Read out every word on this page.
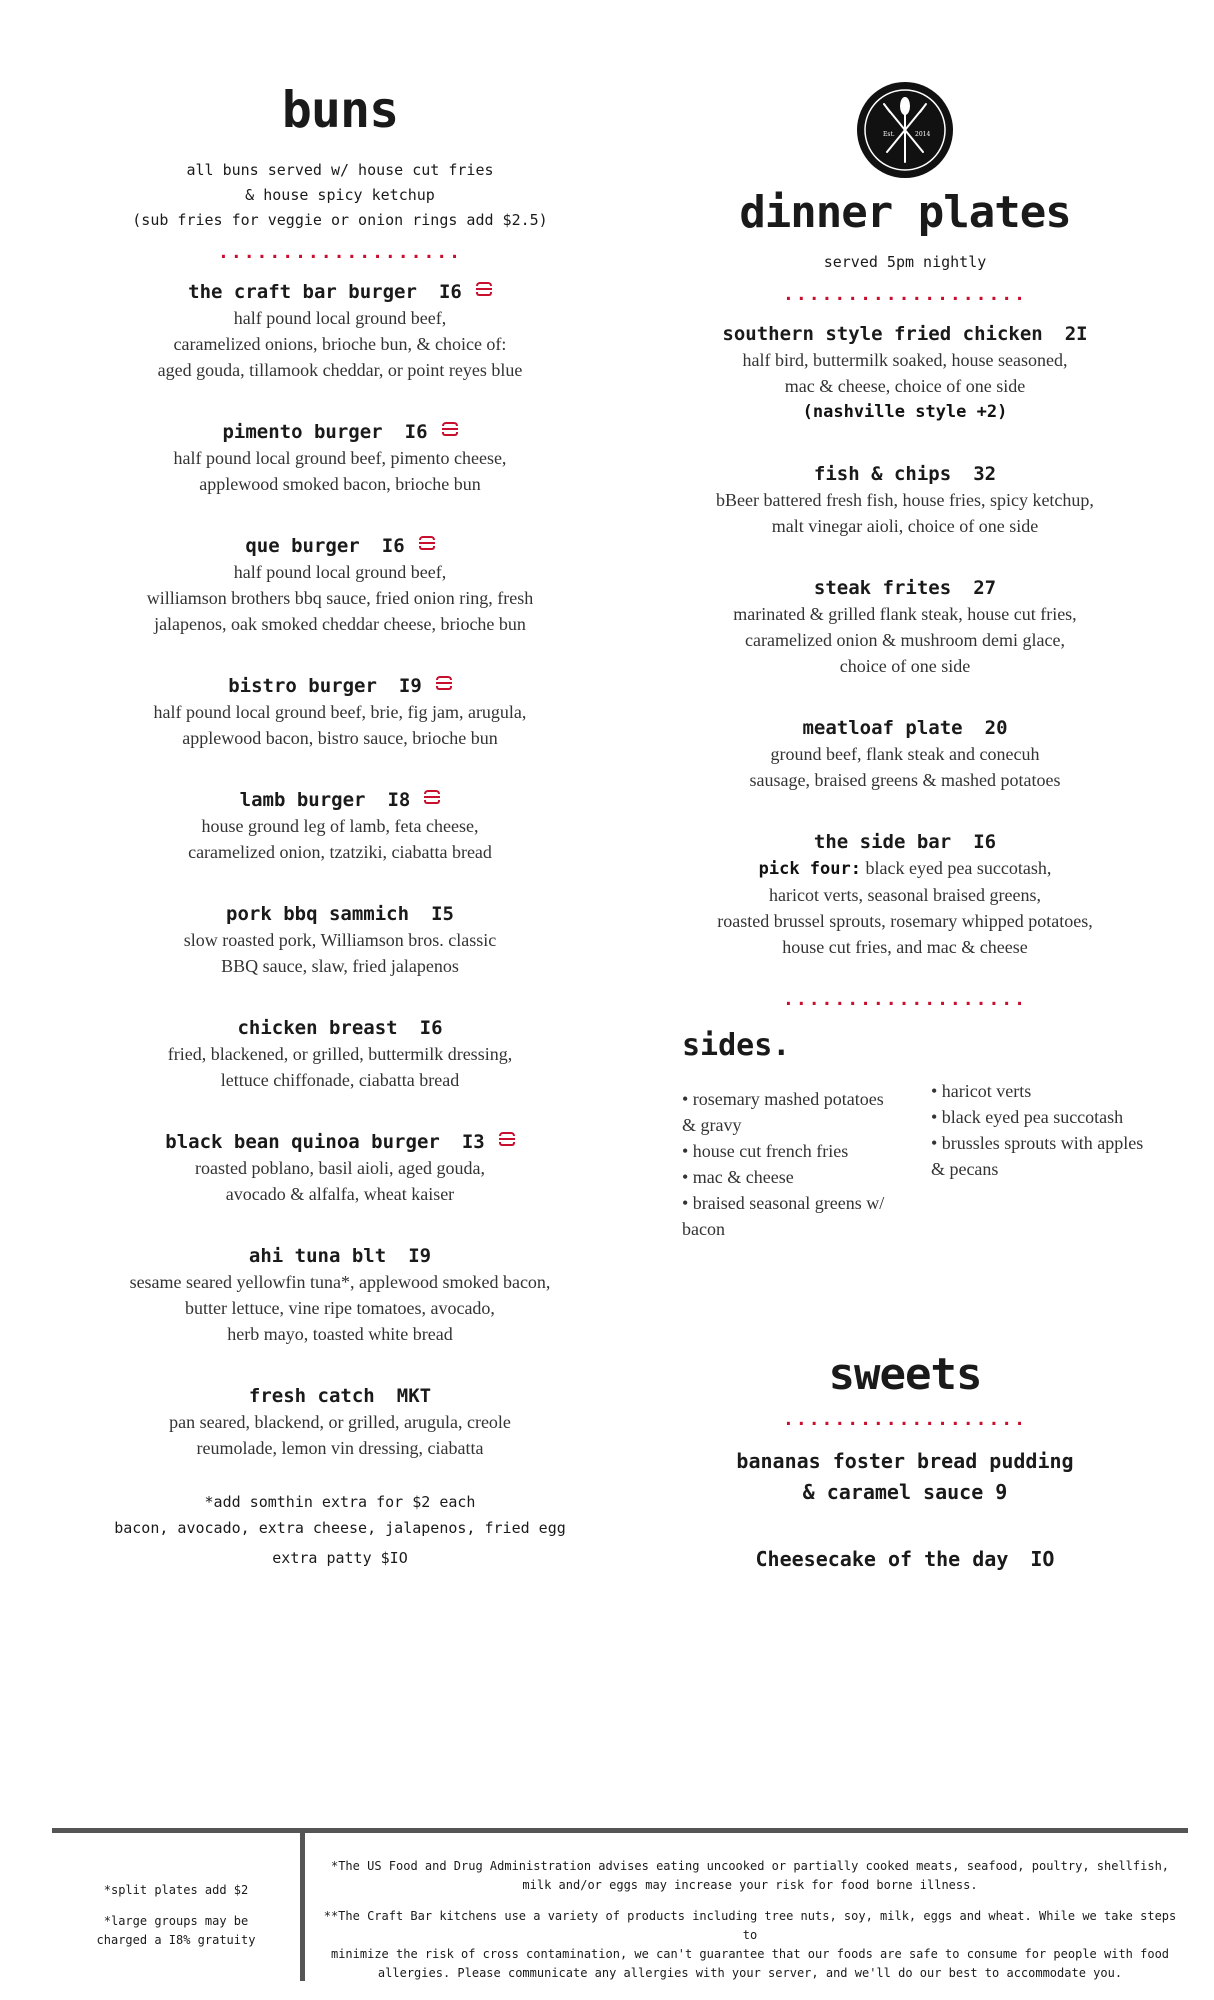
buns
all buns served w/ house cut fries
& house spicy ketchup
(sub fries for veggie or onion rings add $2.5)
...................
the craft bar burger I6
half pound local ground beef,
caramelized onions, brioche bun, & choice of:
aged gouda, tillamook cheddar, or point reyes blue
pimento burger I6
half pound local ground beef, pimento cheese,
applewood smoked bacon, brioche bun
que burger I6
half pound local ground beef,
williamson brothers bbq sauce, fried onion ring, fresh
jalapenos, oak smoked cheddar cheese, brioche bun
bistro burger I9
half pound local ground beef, brie, fig jam, arugula,
applewood bacon, bistro sauce, brioche bun
lamb burger I8
house ground leg of lamb, feta cheese,
caramelized onion, tzatziki, ciabatta bread
pork bbq sammich I5
slow roasted pork, Williamson bros. classic
BBQ sauce, slaw, fried jalapenos
chicken breast I6
fried, blackened, or grilled, buttermilk dressing,
lettuce chiffonade, ciabatta bread
black bean quinoa burger I3
roasted poblano, basil aioli, aged gouda,
avocado & alfalfa, wheat kaiser
ahi tuna blt I9
sesame seared yellowfin tuna*, applewood smoked bacon,
butter lettuce, vine ripe tomatoes, avocado,
herb mayo, toasted white bread
fresh catch MKT
pan seared, blackend, or grilled, arugula, creole
reumolade, lemon vin dressing, ciabatta
*add somthin extra for $2 each
bacon, avocado, extra cheese, jalapenos, fried egg
extra patty $IO
Est.	2014
dinner plates
served 5pm nightly
...................
southern style fried chicken 2I
half bird, buttermilk soaked, house seasoned,
mac & cheese, choice of one side
(nashville style +2)
fish & chips 32
bBeer battered fresh fish, house fries, spicy ketchup,
malt vinegar aioli, choice of one side
steak frites 27
marinated & grilled flank steak, house cut fries,
caramelized onion & mushroom demi glace,
choice of one side
meatloaf plate 20
ground beef, flank steak and conecuh
sausage, braised greens & mashed potatoes
the side bar I6
pick four: black eyed pea succotash,
haricot verts, seasonal braised greens,
roasted brussel sprouts, rosemary whipped potatoes,
house cut fries, and mac & cheese
...................
sides.
• rosemary mashed potatoes
& gravy
• house cut french fries
• mac & cheese
• braised seasonal greens w/
bacon
• haricot verts
• black eyed pea succotash
• brussles sprouts with apples
& pecans
sweets
...................
bananas foster bread pudding
& caramel sauce 9
Cheesecake of the day IO
*split plates add $2
*large groups may be
charged a I8% gratuity
*The US Food and Drug Administration advises eating uncooked or partially cooked meats, seafood, poultry, shellfish,
milk and/or eggs may increase your risk for food borne illness.
**The Craft Bar kitchens use a variety of products including tree nuts, soy, milk, eggs and wheat. While we take steps to
minimize the risk of cross contamination, we can't guarantee that our foods are safe to consume for people with food
allergies. Please communicate any allergies with your server, and we'll do our best to accommodate you.
